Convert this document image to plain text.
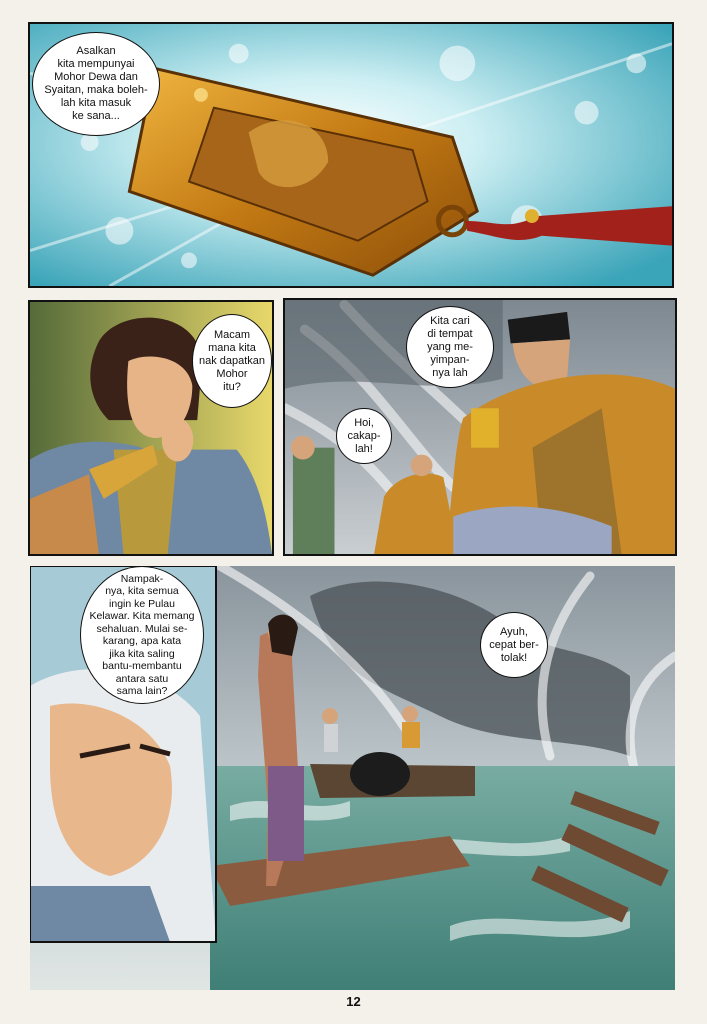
Asalkan
kita mempunyai
Mohor Dewa dan
Syaitan, maka boleh-
lah kita masuk
ke sana...
Macam
mana kita
nak dapatkan
Mohor
itu?
Kita cari
di tempat
yang me-
yimpan-
nya lah
Hoi,
cakap-
lah!
Nampak-
nya, kita semua
ingin ke Pulau
Kelawar. Kita memang
sehaluan. Mulai se-
karang, apa kata
jika kita saling
bantu-membantu
antara satu
sama lain?
Ayuh,
cepat ber-
tolak!
12
